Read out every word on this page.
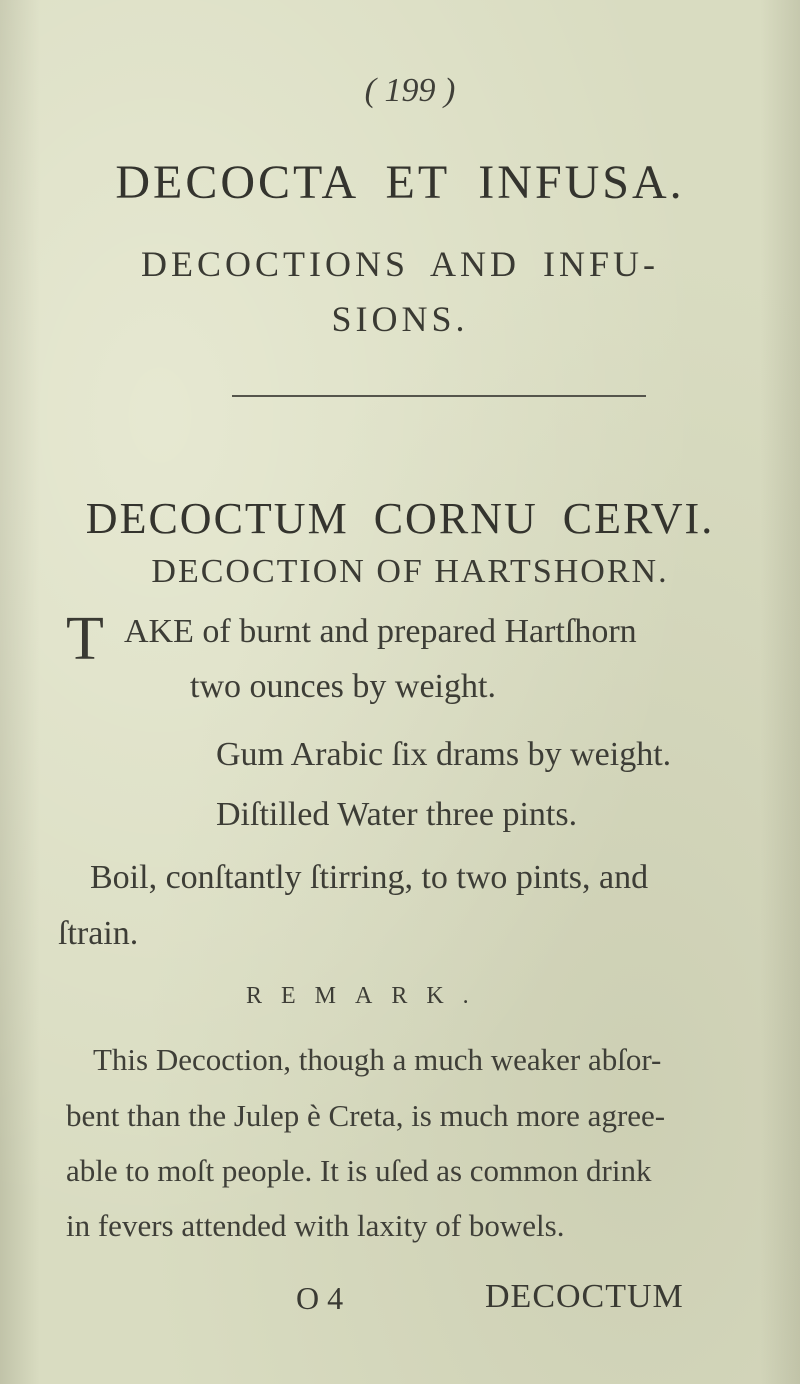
( 199 )
DECOCTA ET INFUSA.
DECOCTIONS AND INFU-
SIONS.
DECOCTUM CORNU CERVI.
DECOCTION OF HARTSHORN.
T AKE of burnt and prepared Hartſhorn
two ounces by weight.
Gum Arabic ſix drams by weight.
Diſtilled Water three pints.
Boil, conſtantly ſtirring, to two pints, and
ſtrain.
REMARK.
This Decoction, though a much weaker abſor-
bent than the Julep è Creta, is much more agree-
able to moſt people. It is uſed as common drink
in fevers attended with laxity of bowels.
O 4	DECOCTUM
